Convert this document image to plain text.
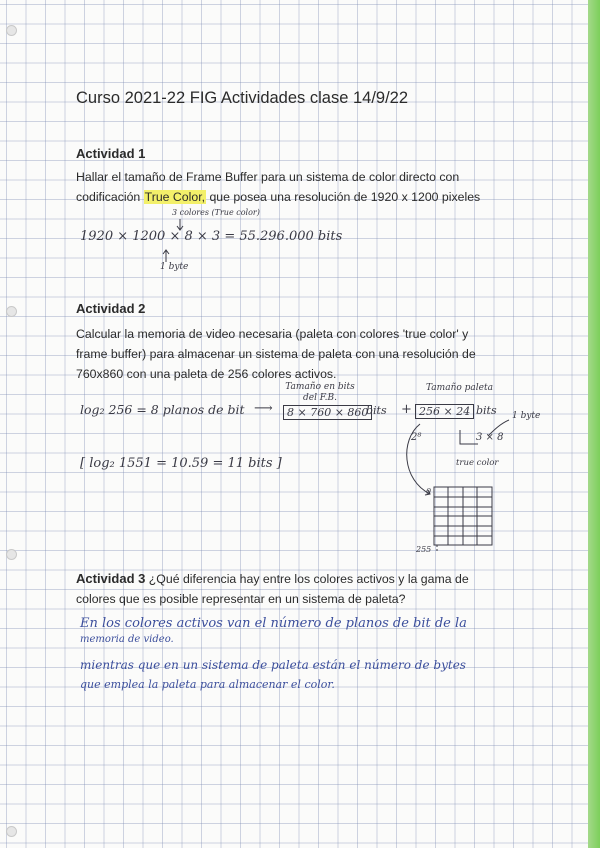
Curso 2021-22 FIG Actividades clase 14/9/22
Actividad 1
Hallar el tamaño de Frame Buffer para un sistema de color directo con
codificación True Color, que posea una resolución de 1920 x 1200 pixeles
3 colores (True color)
1920 × 1200 × 8 × 3 = 55.296.000 bits
1 byte
Actividad 2
Calcular la memoria de video necesaria (paleta con colores 'true color' y
frame buffer) para almacenar un sistema de paleta con una resolución de
760x860 con una paleta de 256 colores activos.
Tamaño en bits del F.B.
Tamaño paleta
log₂ 256 = 8 planos de bit ⟶	8 × 760 × 860
bits + 256 × 24 bits
2⁸	3 × 8
1 byte
true color
[ log₂ 1551 = 10.59 = 11 bits ]
0
255
Actividad 3 ¿Qué diferencia hay entre los colores activos y la gama de
colores que es posible representar en un sistema de paleta?
En los colores activos van el número de planos de bit de la
memoria de video.
mientras que en un sistema de paleta están el número de bytes
que emplea la paleta para almacenar el color.
